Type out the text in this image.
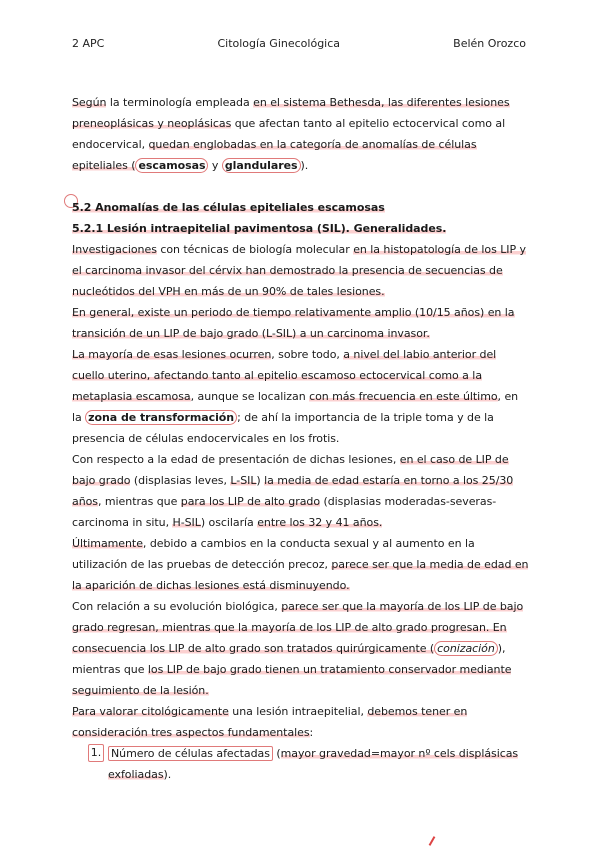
2 APC	Citología Ginecológica	Belén Orozco

Según la terminología empleada en el sistema Bethesda, las diferentes lesiones preneoplásicas y neoplásicas que afectan tanto al epitelio ectocervical como al endocervical, quedan englobadas en la categoría de anomalías de células epiteliales ( escamosas y glandulares ).

5.2 Anomalías de las células epiteliales escamosas

5.2.1 Lesión intraepitelial pavimentosa (SIL). Generalidades.

Investigaciones con técnicas de biología molecular en la histopatología de los LIP y el carcinoma invasor del cérvix han demostrado la presencia de secuencias de nucleótidos del VPH en más de un 90% de tales lesiones.

En general, existe un periodo de tiempo relativamente amplio (10/15 años) en la transición de un LIP de bajo grado (L-SIL) a un carcinoma invasor.

La mayoría de esas lesiones ocurren, sobre todo, a nivel del labio anterior del cuello uterino, afectando tanto al epitelio escamoso ectocervical como a la metaplasia escamosa, aunque se localizan con más frecuencia en este último, en la zona de transformación ; de ahí la importancia de la triple toma y de la presencia de células endocervicales en los frotis.

Con respecto a la edad de presentación de dichas lesiones, en el caso de LIP de bajo grado (displasias leves, L-SIL) la media de edad estaría en torno a los 25/30 años, mientras que para los LIP de alto grado (displasias moderadas-severas-carcinoma in situ, H-SIL) oscilaría entre los 32 y 41 años.

Últimamente, debido a cambios en la conducta sexual y al aumento en la utilización de las pruebas de detección precoz, parece ser que la media de edad en la aparición de dichas lesiones está disminuyendo.

Con relación a su evolución biológica, parece ser que la mayoría de los LIP de bajo grado regresan, mientras que la mayoría de los LIP de alto grado progresan. En consecuencia los LIP de alto grado son tratados quirúrgicamente ( conización ), mientras que los LIP de bajo grado tienen un tratamiento conservador mediante seguimiento de la lesión.

Para valorar citológicamente una lesión intraepitelial, debemos tener en consideración tres aspectos fundamentales:

1. Número de células afectadas (mayor gravedad=mayor nº cels displásicas exfoliadas).
